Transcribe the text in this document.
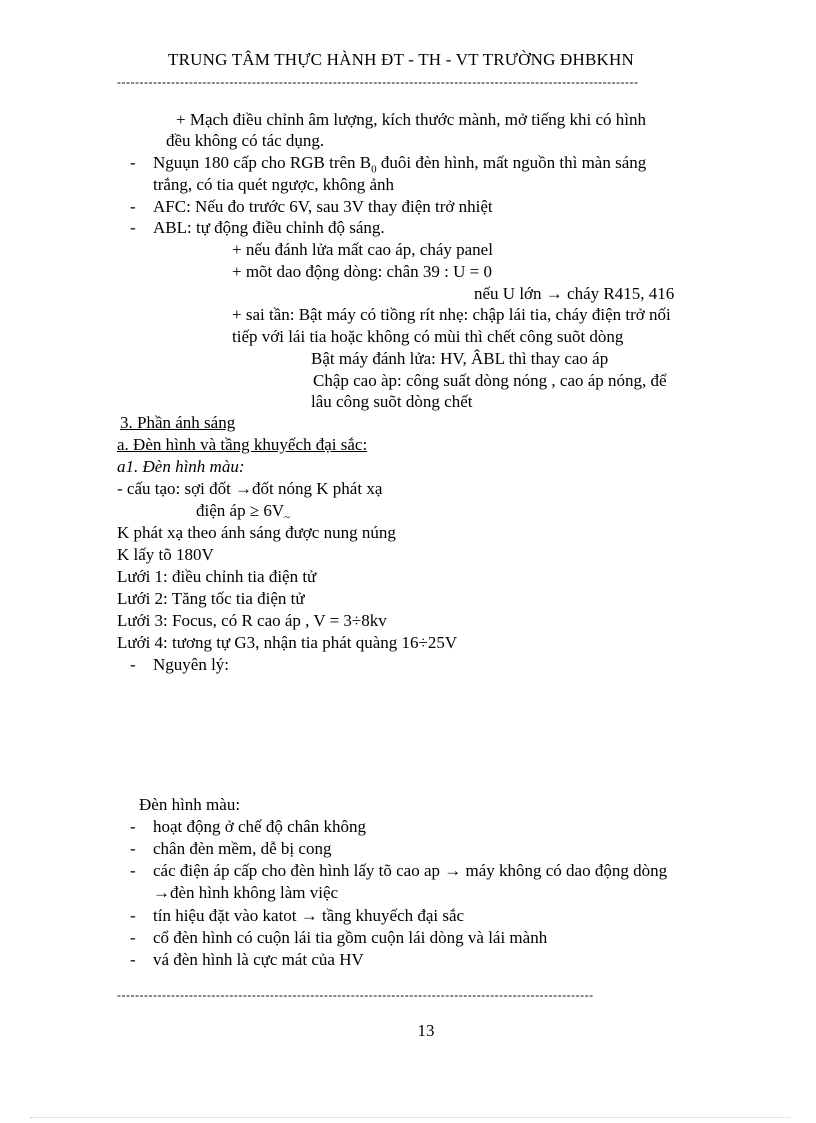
TRUNG TÂM THỰC HÀNH ĐT - TH - VT TRƯỜNG ĐHBKHN
--------------------------------------------------------------------------------------------------------------------
+ Mạch điều chỉnh âm lượng, kích thước mành, mở tiếng khi có hình
đều không có tác dụng.
- Nguụn 180 cấp cho RGB trên $B_0$ đuôi đèn hình, mất nguồn thì màn sáng
trắng, có tia quét ngược, không ảnh
- AFC: Nếu đo trước 6V, sau 3V thay điện trở nhiệt
- ABL: tự động điều chỉnh độ sáng.
+ nếu đánh lửa mất cao áp, cháy panel
+ mõt dao động dòng: chân 39 : U = 0
nếu U lớn → cháy R415, 416
+ sai tần: Bật máy có tiồng rít nhẹ: chập lái tia, cháy điện trở nối
tiếp với lái tia hoặc không có mùi thì chết công suõt dòng
Bật máy đánh lửa: HV, ÂBL thì thay cao áp
Chập cao àp: công suất dòng nóng , cao áp nóng, để
lâu công suõt dòng chết
3. Phần ánh sáng
a. Đèn hình và tầng khuyếch đại sắc:
a1. Đèn hình màu:
- cấu tạo: sợi đốt →đốt nóng K phát xạ
điện áp ≥ $6V_\sim$
K phát xạ theo ánh sáng được nung núng
K lấy tõ 180V
Lưới 1: điều chỉnh tia điện tử
Lưới 2: Tăng tốc tia điện tử
Lưới 3: Focus, có R cao áp , V = 3÷8kv
Lưới 4: tương tự G3, nhận tia phát quàng 16÷25V
- Nguyên lý:
Đèn hình màu:
- hoạt động ở chế độ chân không
- chân đèn mềm, dễ bị cong
- các điện áp cấp cho đèn hình lấy tõ cao ap → máy không có dao động dòng
→đèn hình không làm việc
- tín hiệu đặt vào katot → tầng khuyếch đại sắc
- cổ đèn hình có cuộn lái tia gồm cuộn lái dòng và lái mành
- vá đèn hình là cực mát của HV
----------------------------------------------------------------------------------------------------------
13
